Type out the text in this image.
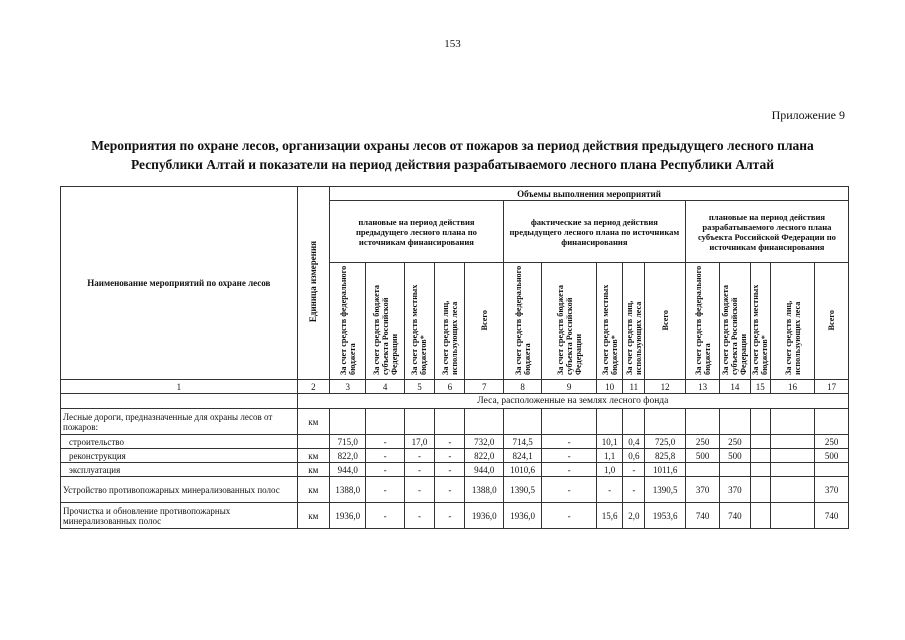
153
Приложение 9
Мероприятия по охране лесов, организации охраны лесов от пожаров за период действия предыдущего лесного плана Республики Алтай и показатели на период действия разрабатываемого лесного плана Республики Алтай
Наименование мероприятий по охране лесов	Единица измерения	Объемы выполнения мероприятий														
		плановые на период действия предыдущего лесного плана по источникам финансирования					фактические за период действия предыдущего лесного плана по источникам финансирования					плановые на период действия разрабатываемого лесного плана субъекта Российской Федерации по источникам финансирования				
		За счет средств федерального бюджета	За счет средств бюджета субъекта Российской Федерации	За счет средств местных бюджетов*	За счет средств лиц, использующих леса	Всего	За счет средств федерального бюджета	За счет средств бюджета субъекта Российской Федерации	За счет средств местных бюджетов*	За счет средств лиц, использующих леса	Всего	За счет средств федерального бюджета	За счет средств бюджета субъекта Российской Федерации	За счет средств местных бюджетов*	За счет средств лиц, использующих леса	Всего
1	2	3	4	5	6	7	8	9	10	11	12	13	14	15	16	17
	Леса, расположенные на землях лесного фонда															
Лесные дороги, предназначенные для охраны лесов от пожаров:	км															
строительство		715,0	-	17,0	-	732,0	714,5	-	10,1	0,4	725,0	250	250			250
реконструкция	км	822,0	-	-	-	822,0	824,1	-	1,1	0,6	825,8	500	500			500
эксплуатация	км	944,0	-	-	-	944,0	1010,6	-	1,0	-	1011,6					
Устройство противопожарных минерализованных полос	км	1388,0	-	-	-	1388,0	1390,5	-	-	-	1390,5	370	370			370
Прочистка и обновление противопожарных минерализованных полос	км	1936,0	-	-	-	1936,0	1936,0	-	15,6	2,0	1953,6	740	740			740
